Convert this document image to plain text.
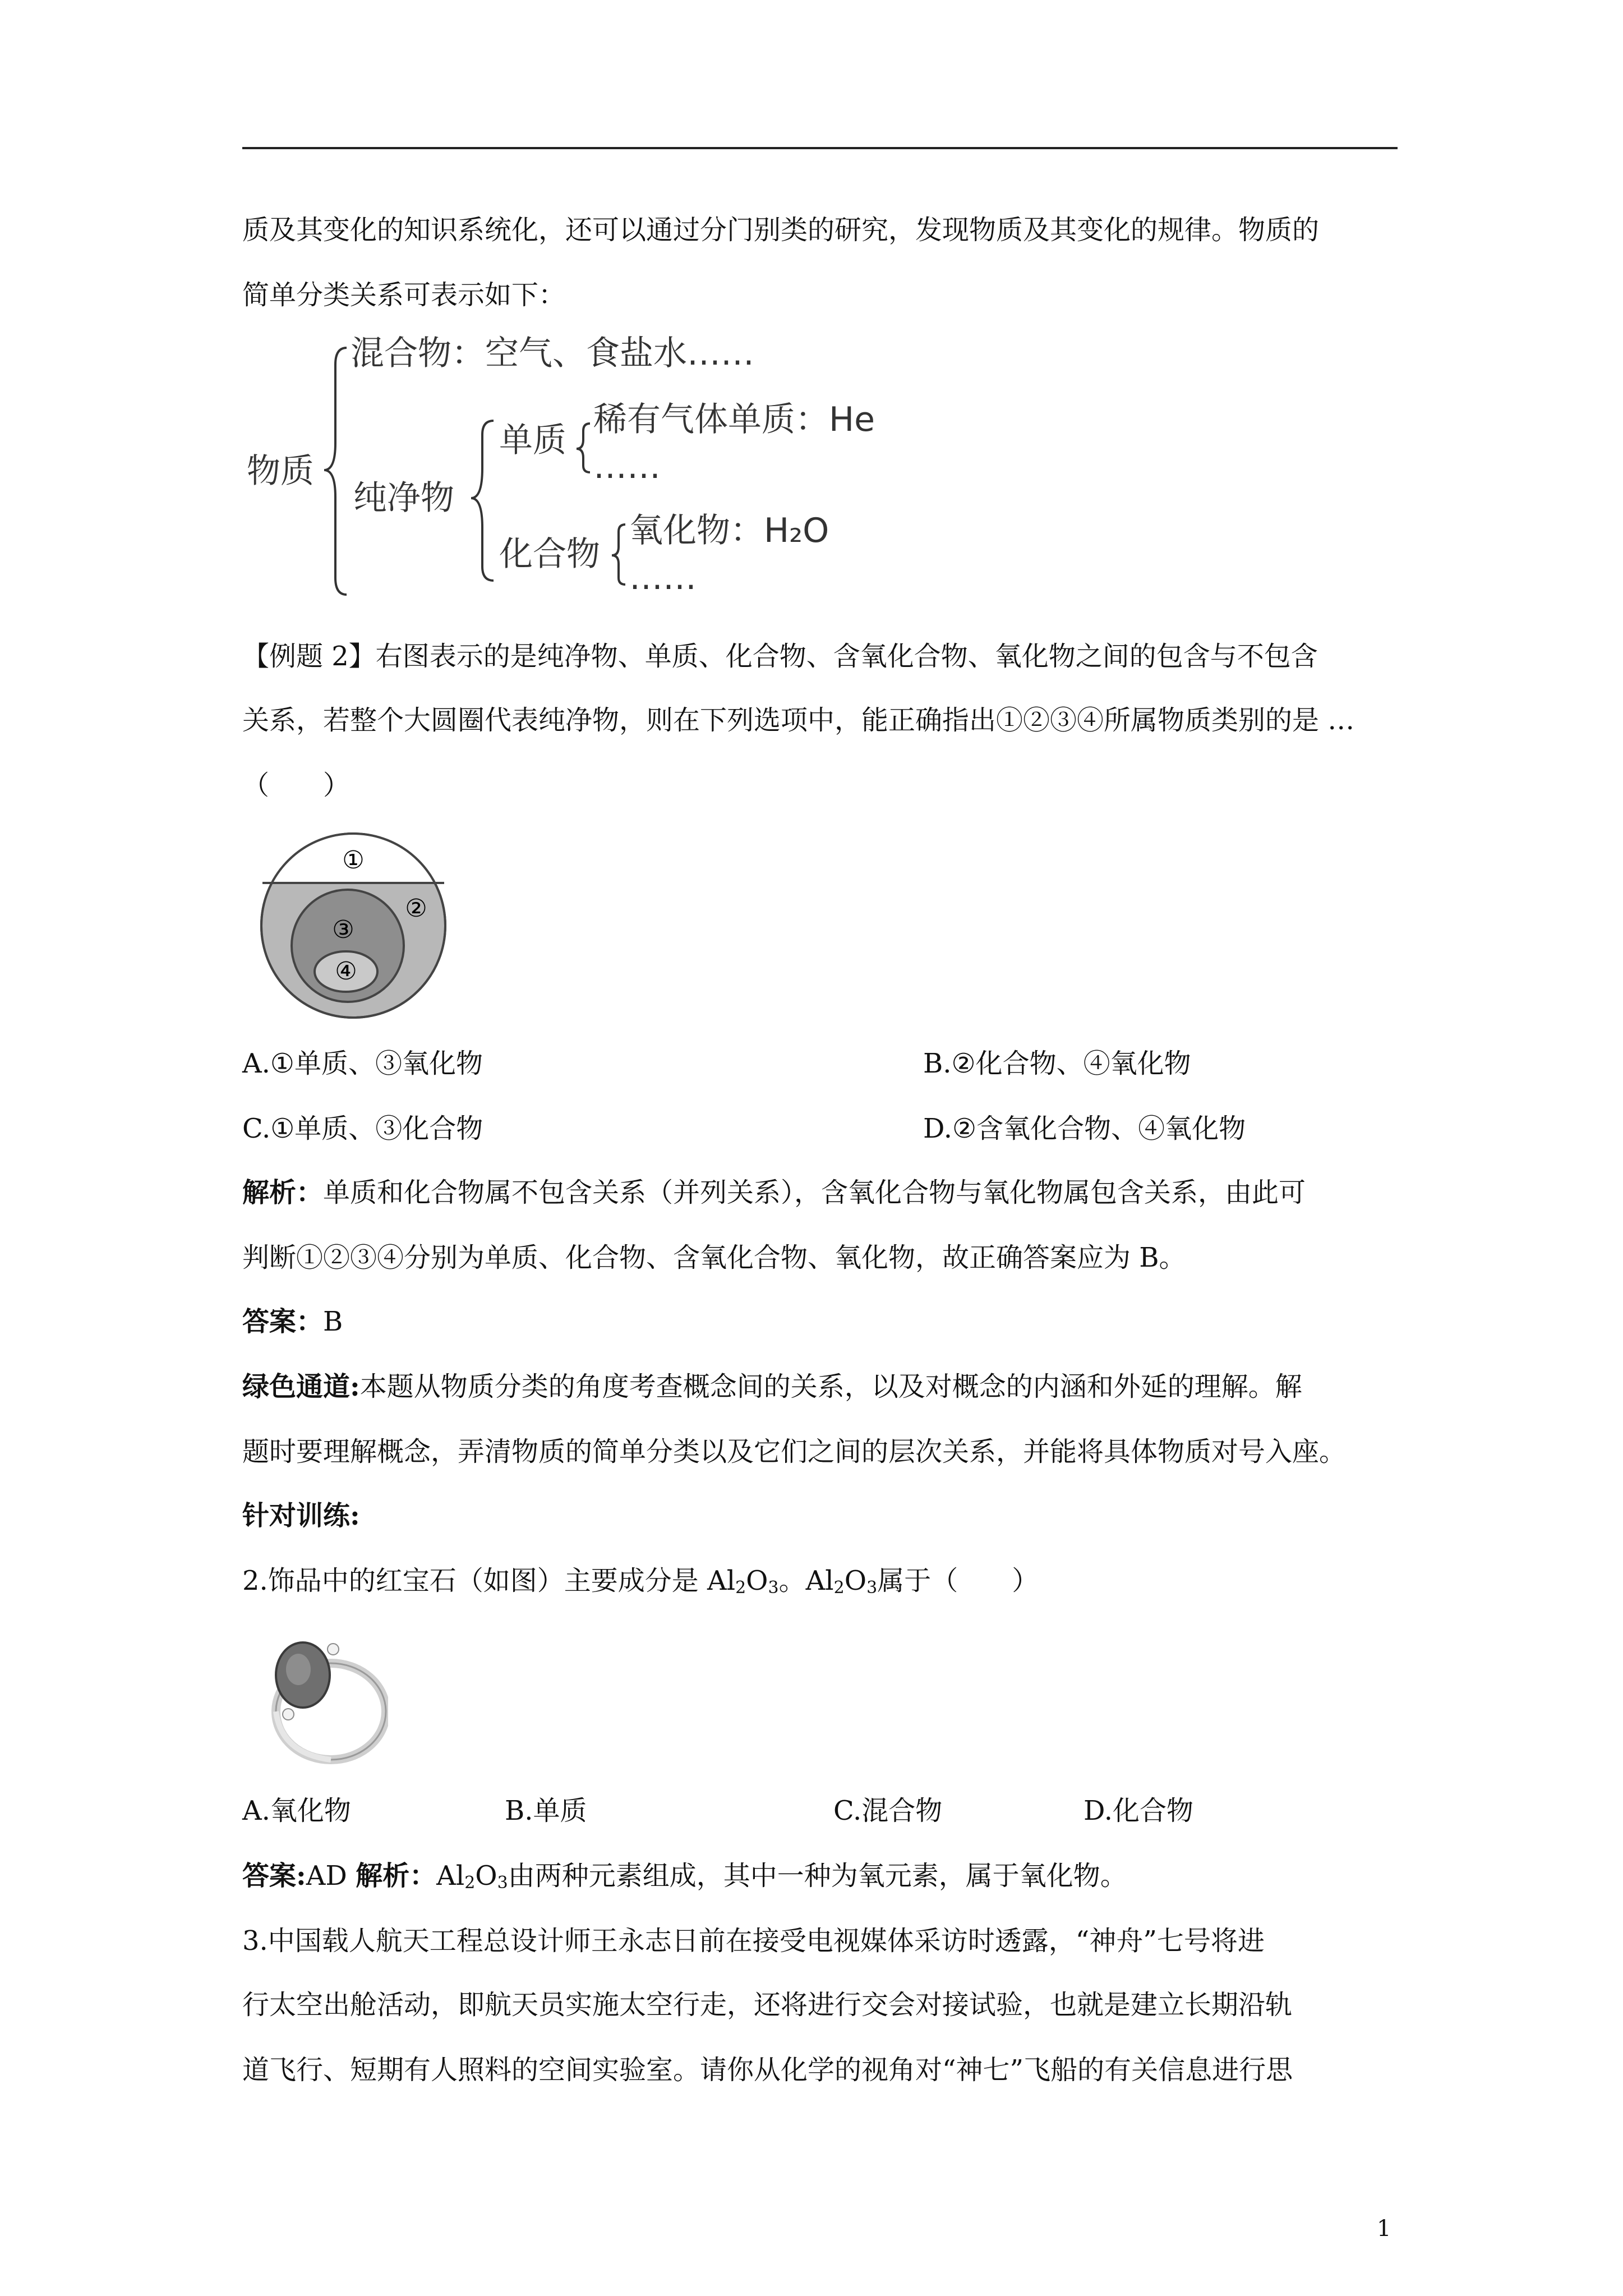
质及其变化的知识系统化，还可以通过分门别类的研究，发现物质及其变化的规律。物质的
简单分类关系可表示如下：
物质
混合物：空气、食盐水……
纯净物
单质
稀有气体单质：He
……
化合物
氧化物：H₂O
……
【例题 2】右图表示的是纯净物、单质、化合物、含氧化合物、氧化物之间的包含与不包含
关系，若整个大圆圈代表纯净物，则在下列选项中，能正确指出①②③④所属物质类别的是 …
（　　）
①
②
③
④
A.①单质、③氧化物	B.②化合物、④氧化物
C.①单质、③化合物	D.②含氧化合物、④氧化物
解析：单质和化合物属不包含关系（并列关系），含氧化合物与氧化物属包含关系，由此可
判断①②③④分别为单质、化合物、含氧化合物、氧化物，故正确答案应为 B。
答案：B
绿色通道:本题从物质分类的角度考查概念间的关系，以及对概念的内涵和外延的理解。解
题时要理解概念，弄清物质的简单分类以及它们之间的层次关系，并能将具体物质对号入座。
针对训练:
2.饰品中的红宝石（如图）主要成分是 $Al_2O_3$。$Al_2O_3$属于（　　）
A.氧化物	B.单质	C.混合物	D.化合物
答案:AD 解析：$Al_2O_3$由两种元素组成，其中一种为氧元素，属于氧化物。
3.中国载人航天工程总设计师王永志日前在接受电视媒体采访时透露，“神舟”七号将进
行太空出舱活动，即航天员实施太空行走，还将进行交会对接试验，也就是建立长期沿轨
道飞行、短期有人照料的空间实验室。请你从化学的视角对“神七”飞船的有关信息进行思
1
